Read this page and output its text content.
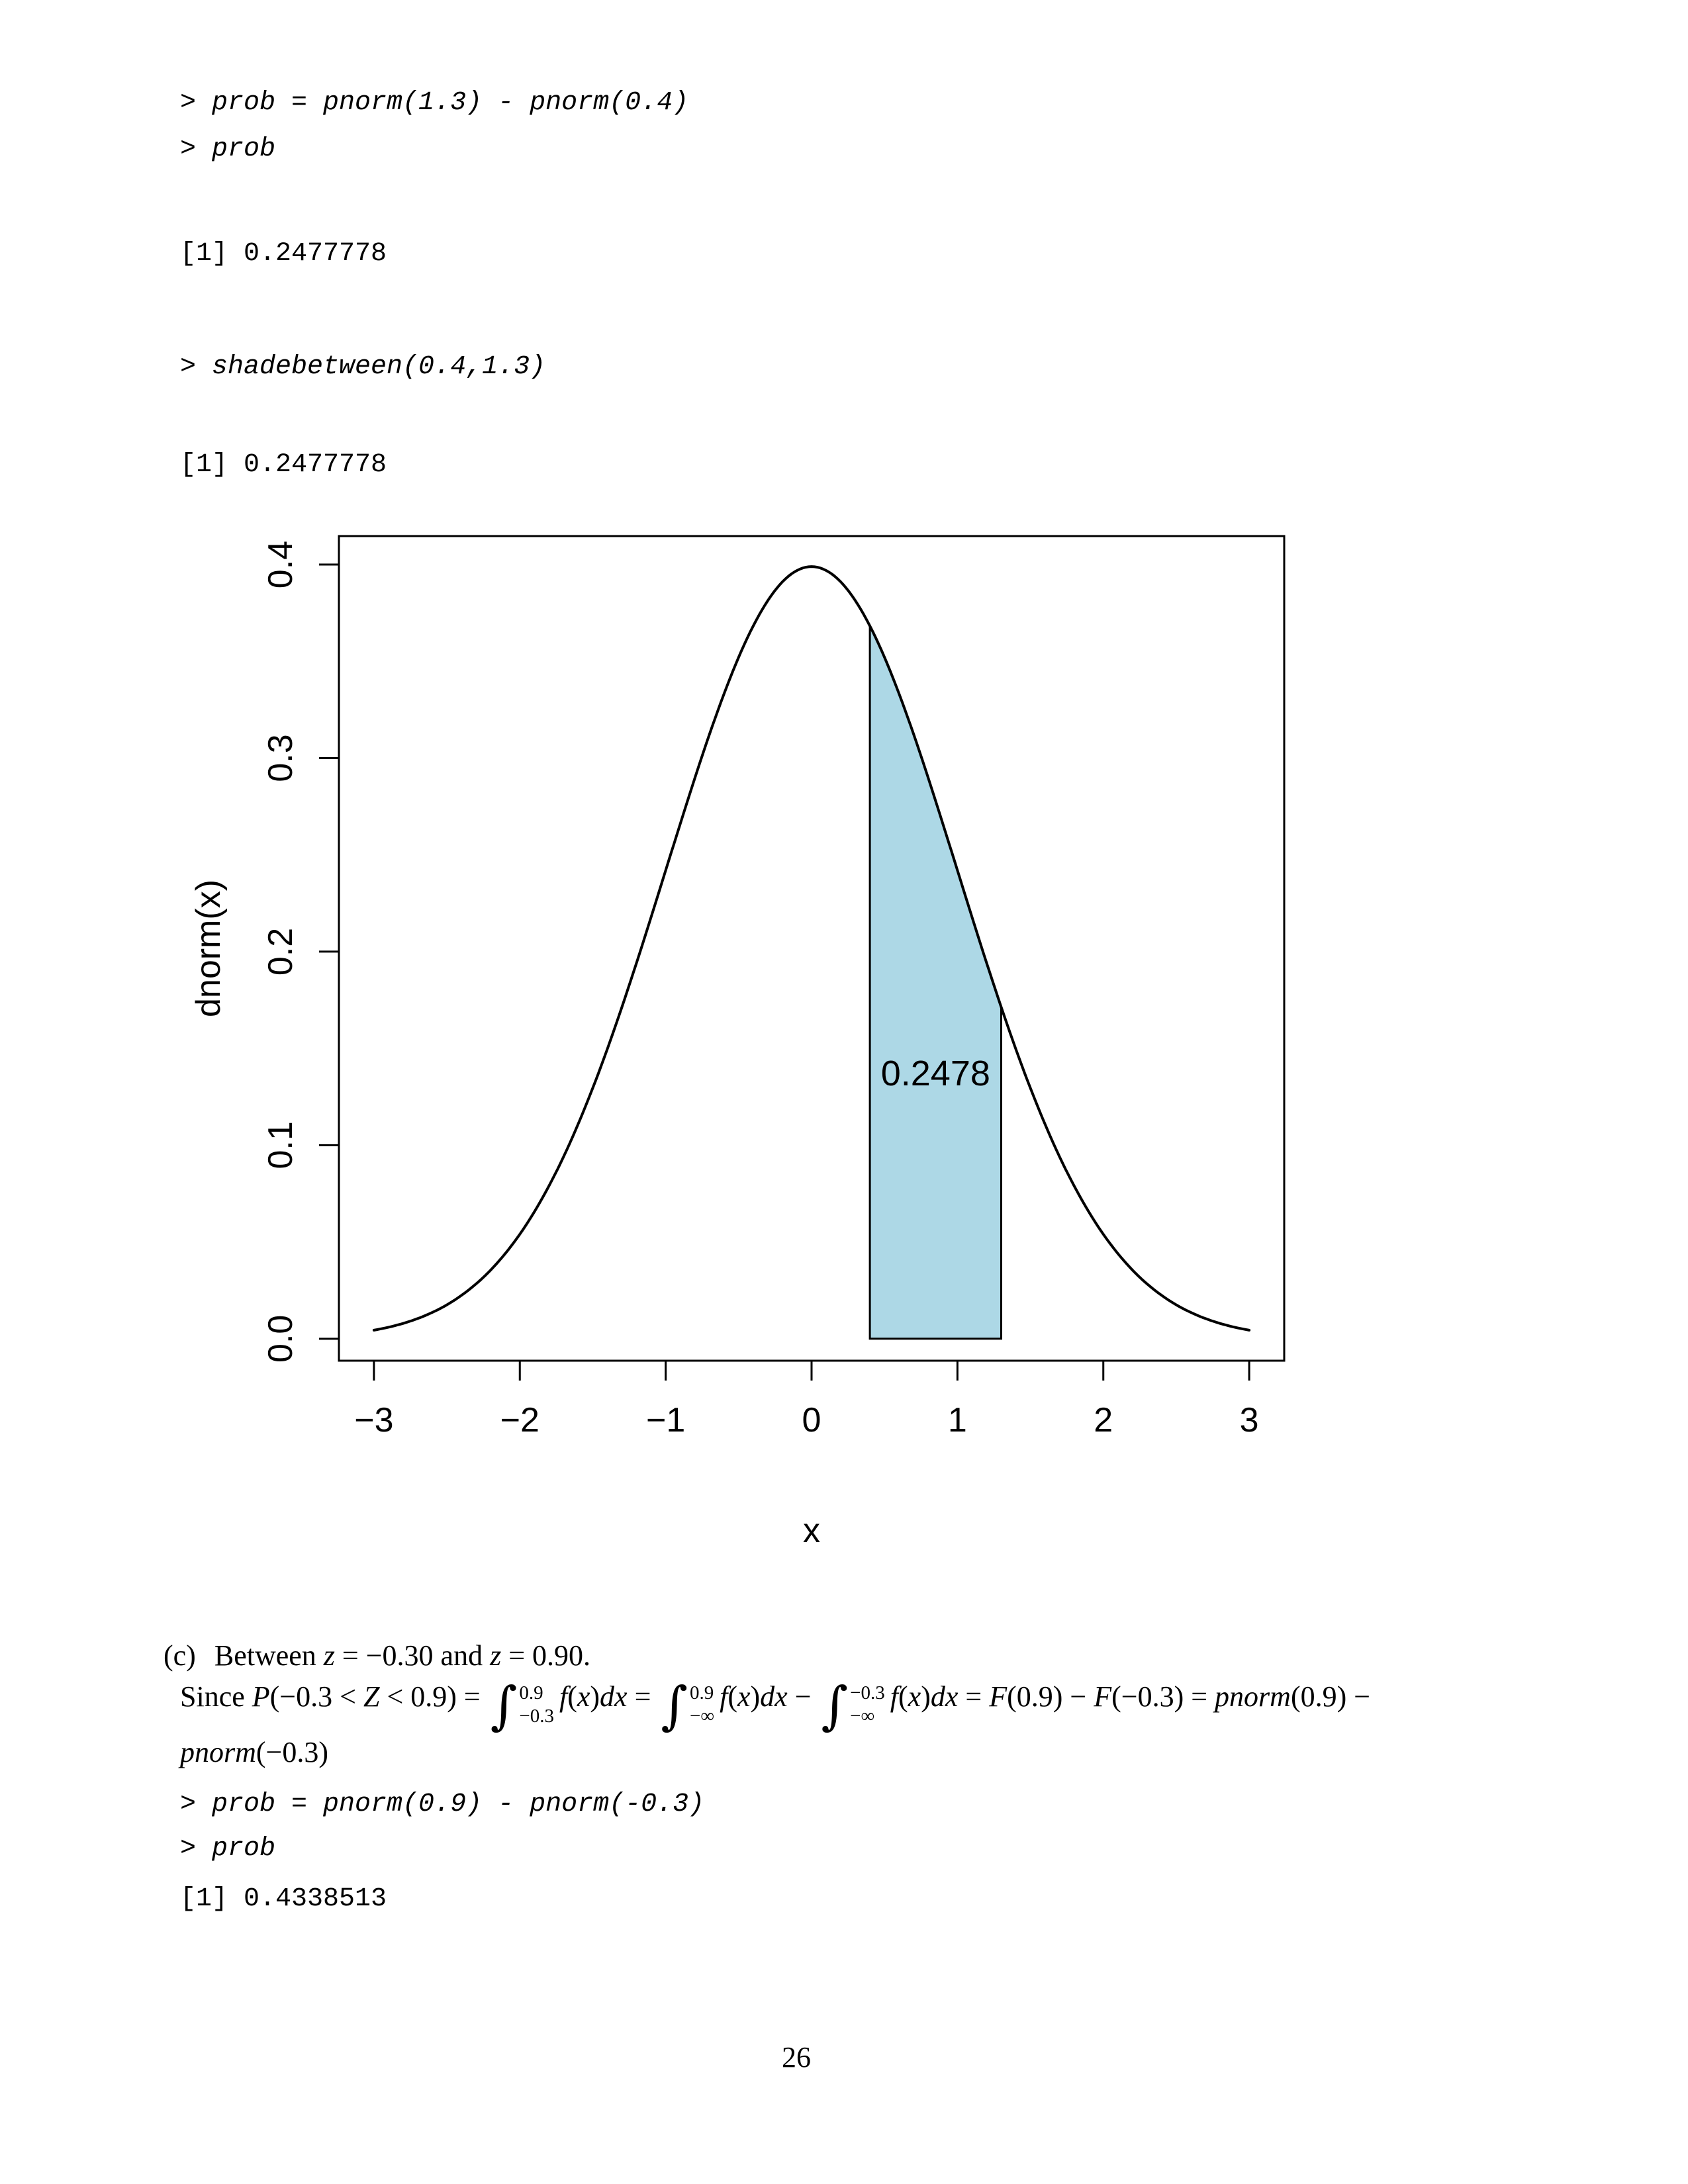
> prob = pnorm(1.3) - pnorm(0.4)
> prob
[1] 0.2477778
> shadebetween(0.4,1.3)
[1] 0.2477778
−3	−2	−1	0	1	2	3
0.0
0.1
0.2
0.3
0.4
x
dnorm(x)
0.2478

(c) Between z = −0.30 and z = 0.90.

Since P(−0.3 < Z < 0.9) = ∫ 0.9
−0.3
f(x)dx = ∫ 0.9
−∞
f(x)dx − ∫ −0.3
−∞
f(x)dx = F(0.9) − F(−0.3) = pnorm(0.9) −
pnorm(−0.3)
> prob = pnorm(0.9) - pnorm(-0.3)
> prob
[1] 0.4338513
26
